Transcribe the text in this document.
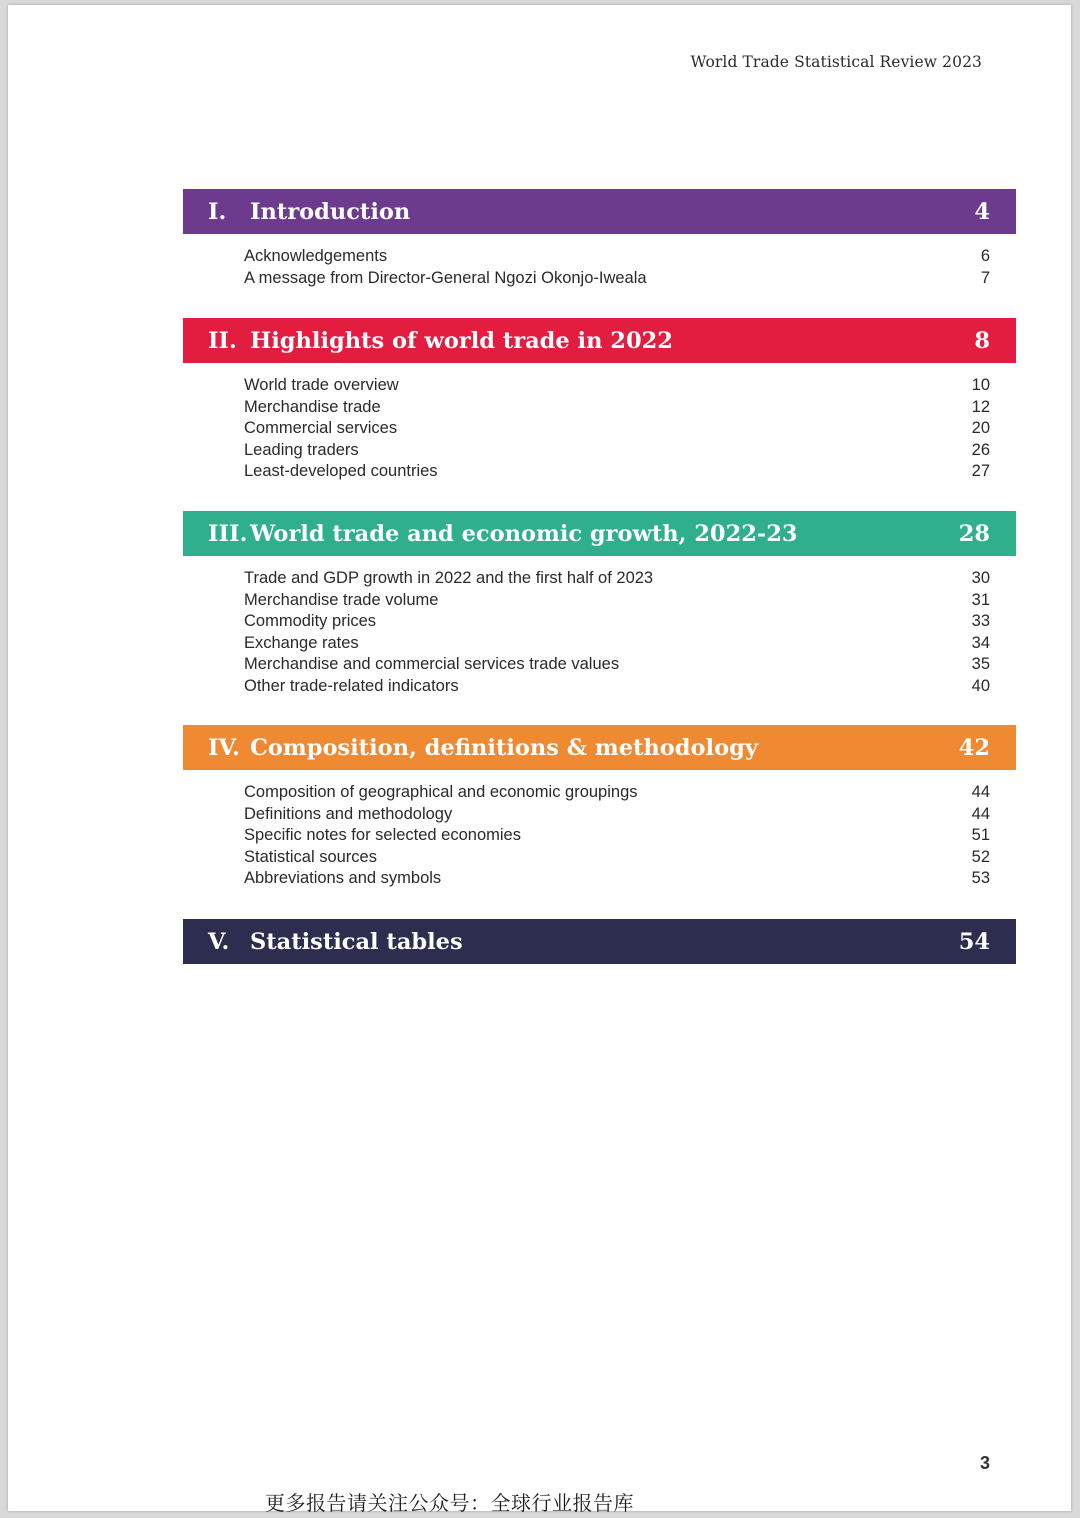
World Trade Statistical Review 2023
I.	Introduction	4
Acknowledgements	6
A message from Director-General Ngozi Okonjo-Iweala	7
II. Highlights of world trade in 2022	8
World trade overview	10
Merchandise trade	12
Commercial services	20
Leading traders	26
Least-developed countries	27
III. World trade and economic growth, 2022-23	28
Trade and GDP growth in 2022 and the first half of 2023	30
Merchandise trade volume	31
Commodity prices	33
Exchange rates	34
Merchandise and commercial services trade values	35
Other trade-related indicators	40
IV. Composition, definitions & methodology	42
Composition of geographical and economic groupings	44
Definitions and methodology	44
Specific notes for selected economies	51
Statistical sources	52
Abbreviations and symbols	53
V. Statistical tables	54
3
更多报告请关注公众号：全球行业报告库
